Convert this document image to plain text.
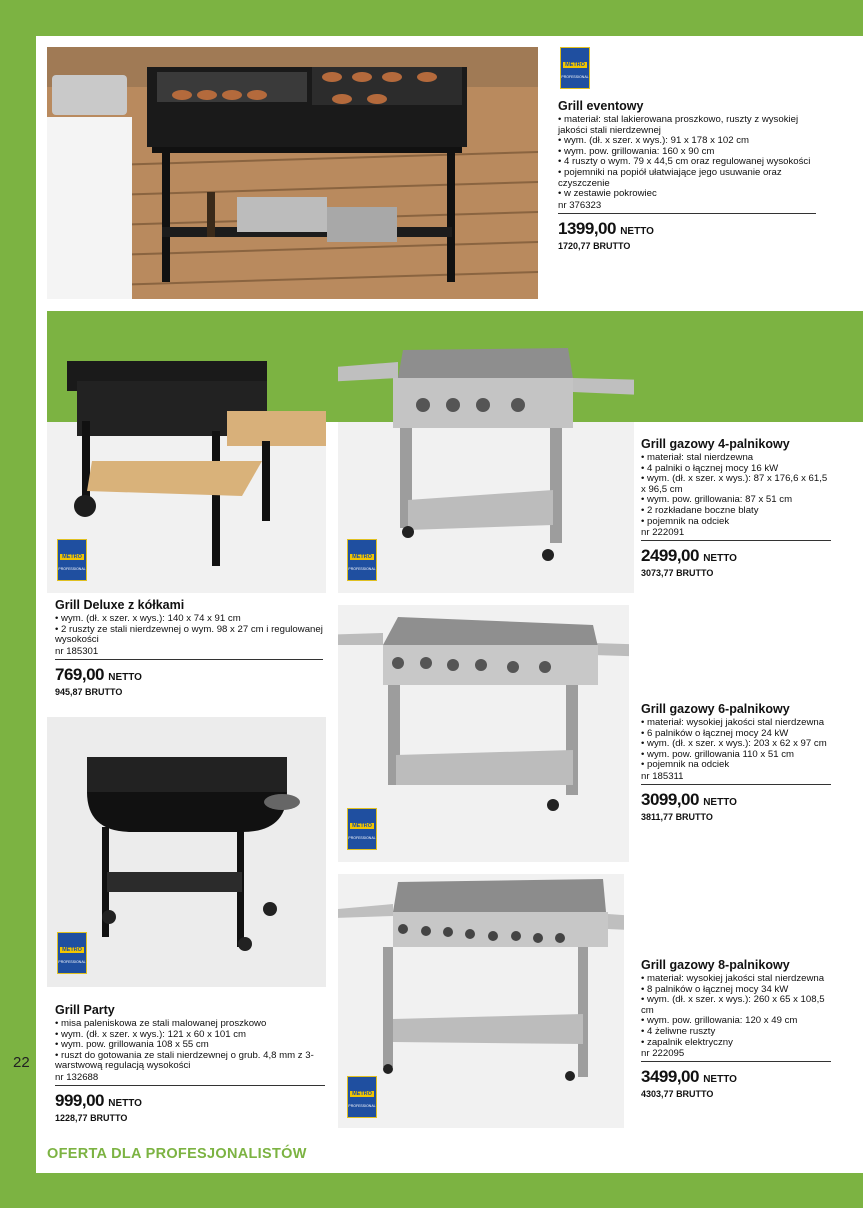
METRO
PROFESSIONAL
METRO
PROFESSIONAL
METRO
PROFESSIONAL
METRO
PROFESSIONAL
METRO
PROFESSIONAL
METRO
PROFESSIONAL
Grill eventowy
• materiał: stal lakierowana proszkowo, ruszty z wysokiej jakości stali nierdzewnej
• wym. (dł. x szer. x wys.): 91 x 178 x 102 cm
• wym. pow. grillowania: 160 x 90 cm
• 4 ruszty o wym. 79 x 44,5 cm oraz regulowanej wysokości
• pojemniki na popiół ułatwiające jego usuwanie oraz czyszczenie
• w zestawie pokrowiec
nr 376323
1399,00 NETTO
1720,77 BRUTTO
Grill Deluxe z kółkami
• wym. (dł. x szer. x wys.): 140 x 74 x 91 cm
• 2 ruszty ze stali nierdzewnej o wym. 98 x 27 cm i regulowanej wysokości
nr 185301
769,00 NETTO
945,87 BRUTTO
Grill gazowy 4-palnikowy
• materiał: stal nierdzewna
• 4 palniki o łącznej mocy 16 kW
• wym. (dł. x szer. x wys.): 87 x 176,6 x 61,5 x 96,5 cm
• wym. pow. grillowania: 87 x 51 cm
• 2 rozkładane boczne blaty
• pojemnik na odciek
nr 222091
2499,00 NETTO
3073,77 BRUTTO
Grill gazowy 6-palnikowy
• materiał: wysokiej jakości stal nierdzewna
• 6 palników o łącznej mocy 24 kW
• wym. (dł. x szer. x wys.): 203 x 62 x 97 cm
• wym. pow. grillowania 110 x 51 cm
• pojemnik na odciek
nr 185311
3099,00 NETTO
3811,77 BRUTTO
Grill Party
• misa paleniskowa ze stali malowanej proszkowo
• wym. (dł. x szer. x wys.): 121 x 60 x 101 cm
• wym. pow. grillowania 108 x 55 cm
• ruszt do gotowania ze stali nierdzewnej o grub. 4,8 mm z 3-warstwową regulacją wysokości
nr 132688
999,00 NETTO
1228,77 BRUTTO
Grill gazowy 8-palnikowy
• materiał: wysokiej jakości stal nierdzewna
• 8 palników o łącznej mocy 34 kW
• wym. (dł. x szer. x wys.): 260 x 65 x 108,5 cm
• wym. pow. grillowania: 120 x 49 cm
• 4 żeliwne ruszty
• zapalnik elektryczny
nr 222095
3499,00 NETTO
4303,77 BRUTTO
22
OFERTA DLA PROFESJONALISTÓW
